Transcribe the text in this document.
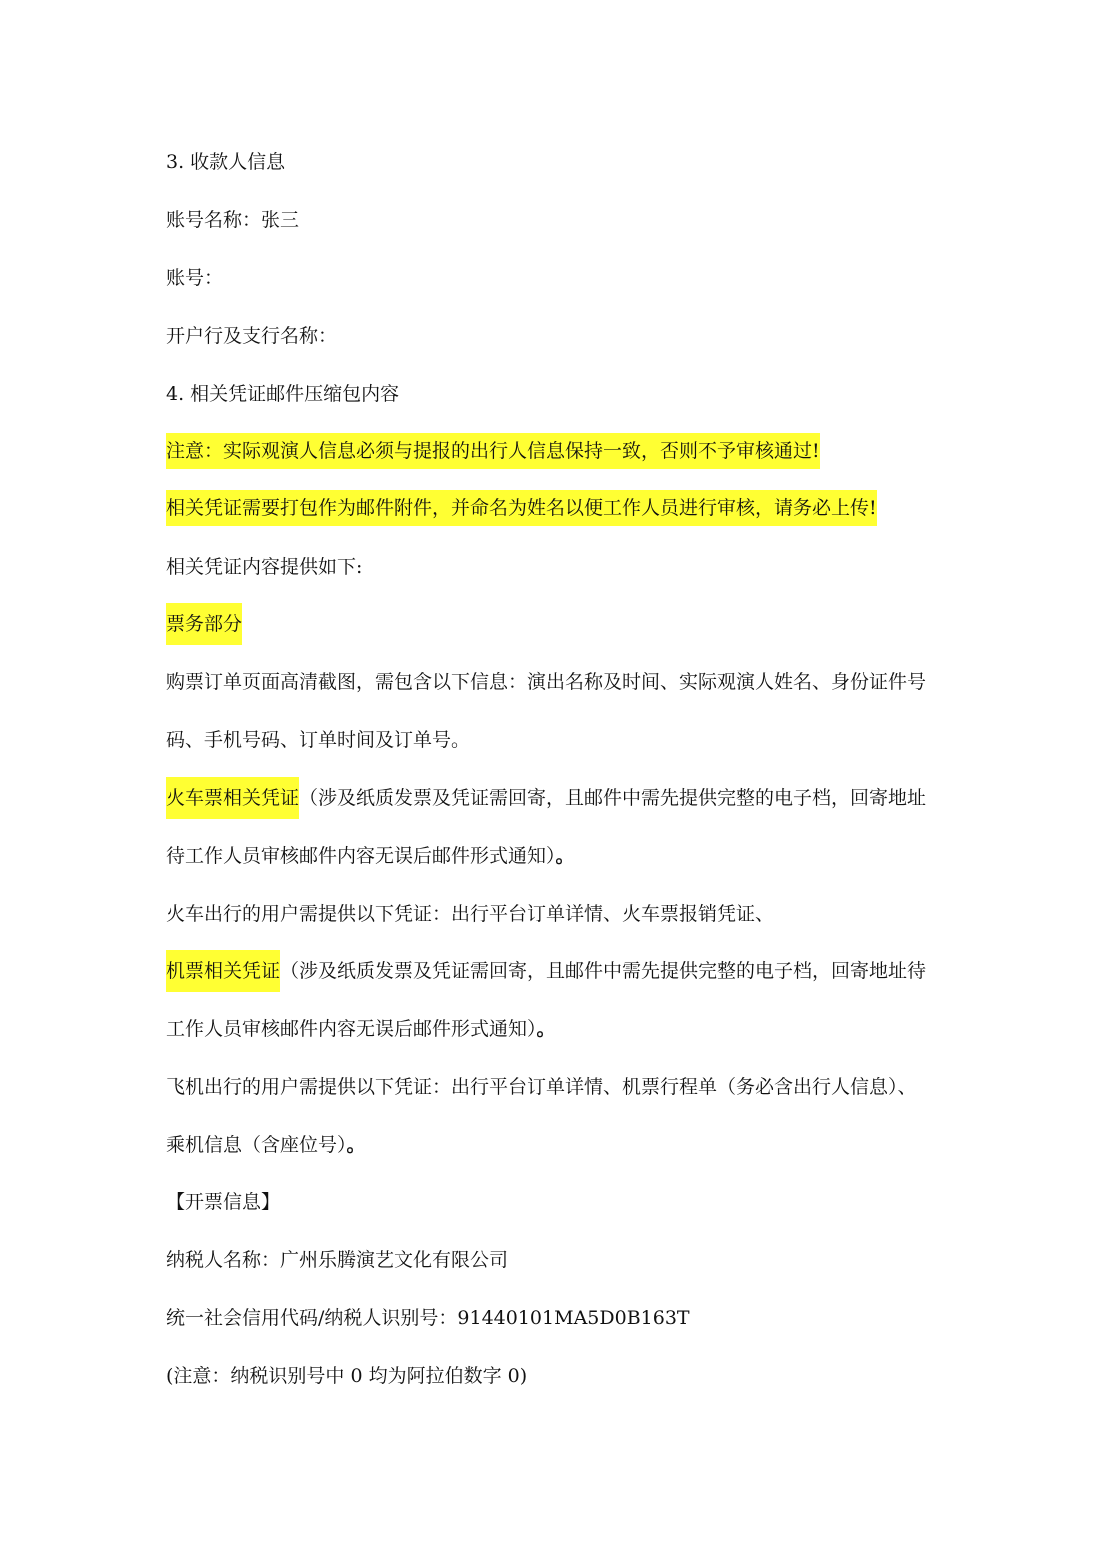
3. 收款人信息
账号名称：张三
账号：
开户行及支行名称：
4. 相关凭证邮件压缩包内容
注意：实际观演人信息必须与提报的出行人信息保持一致，否则不予审核通过!
相关凭证需要打包作为邮件附件，并命名为姓名以便工作人员进行审核，请务必上传!
相关凭证内容提供如下:
票务部分
购票订单页面高清截图，需包含以下信息：演出名称及时间、实际观演人姓名、身份证件号
码、手机号码、订单时间及订单号。
火车票相关凭证（涉及纸质发票及凭证需回寄，且邮件中需先提供完整的电子档，回寄地址
待工作人员审核邮件内容无误后邮件形式通知）。
火车出行的用户需提供以下凭证：出行平台订单详情、火车票报销凭证、
机票相关凭证（涉及纸质发票及凭证需回寄，且邮件中需先提供完整的电子档，回寄地址待
工作人员审核邮件内容无误后邮件形式通知）。
飞机出行的用户需提供以下凭证：出行平台订单详情、机票行程单（务必含出行人信息）、
乘机信息（含座位号）。
【开票信息】
纳税人名称：广州乐腾演艺文化有限公司
统一社会信用代码/纳税人识别号：91440101MA5D0B163T
(注意：纳税识别号中 0 均为阿拉伯数字 0)
